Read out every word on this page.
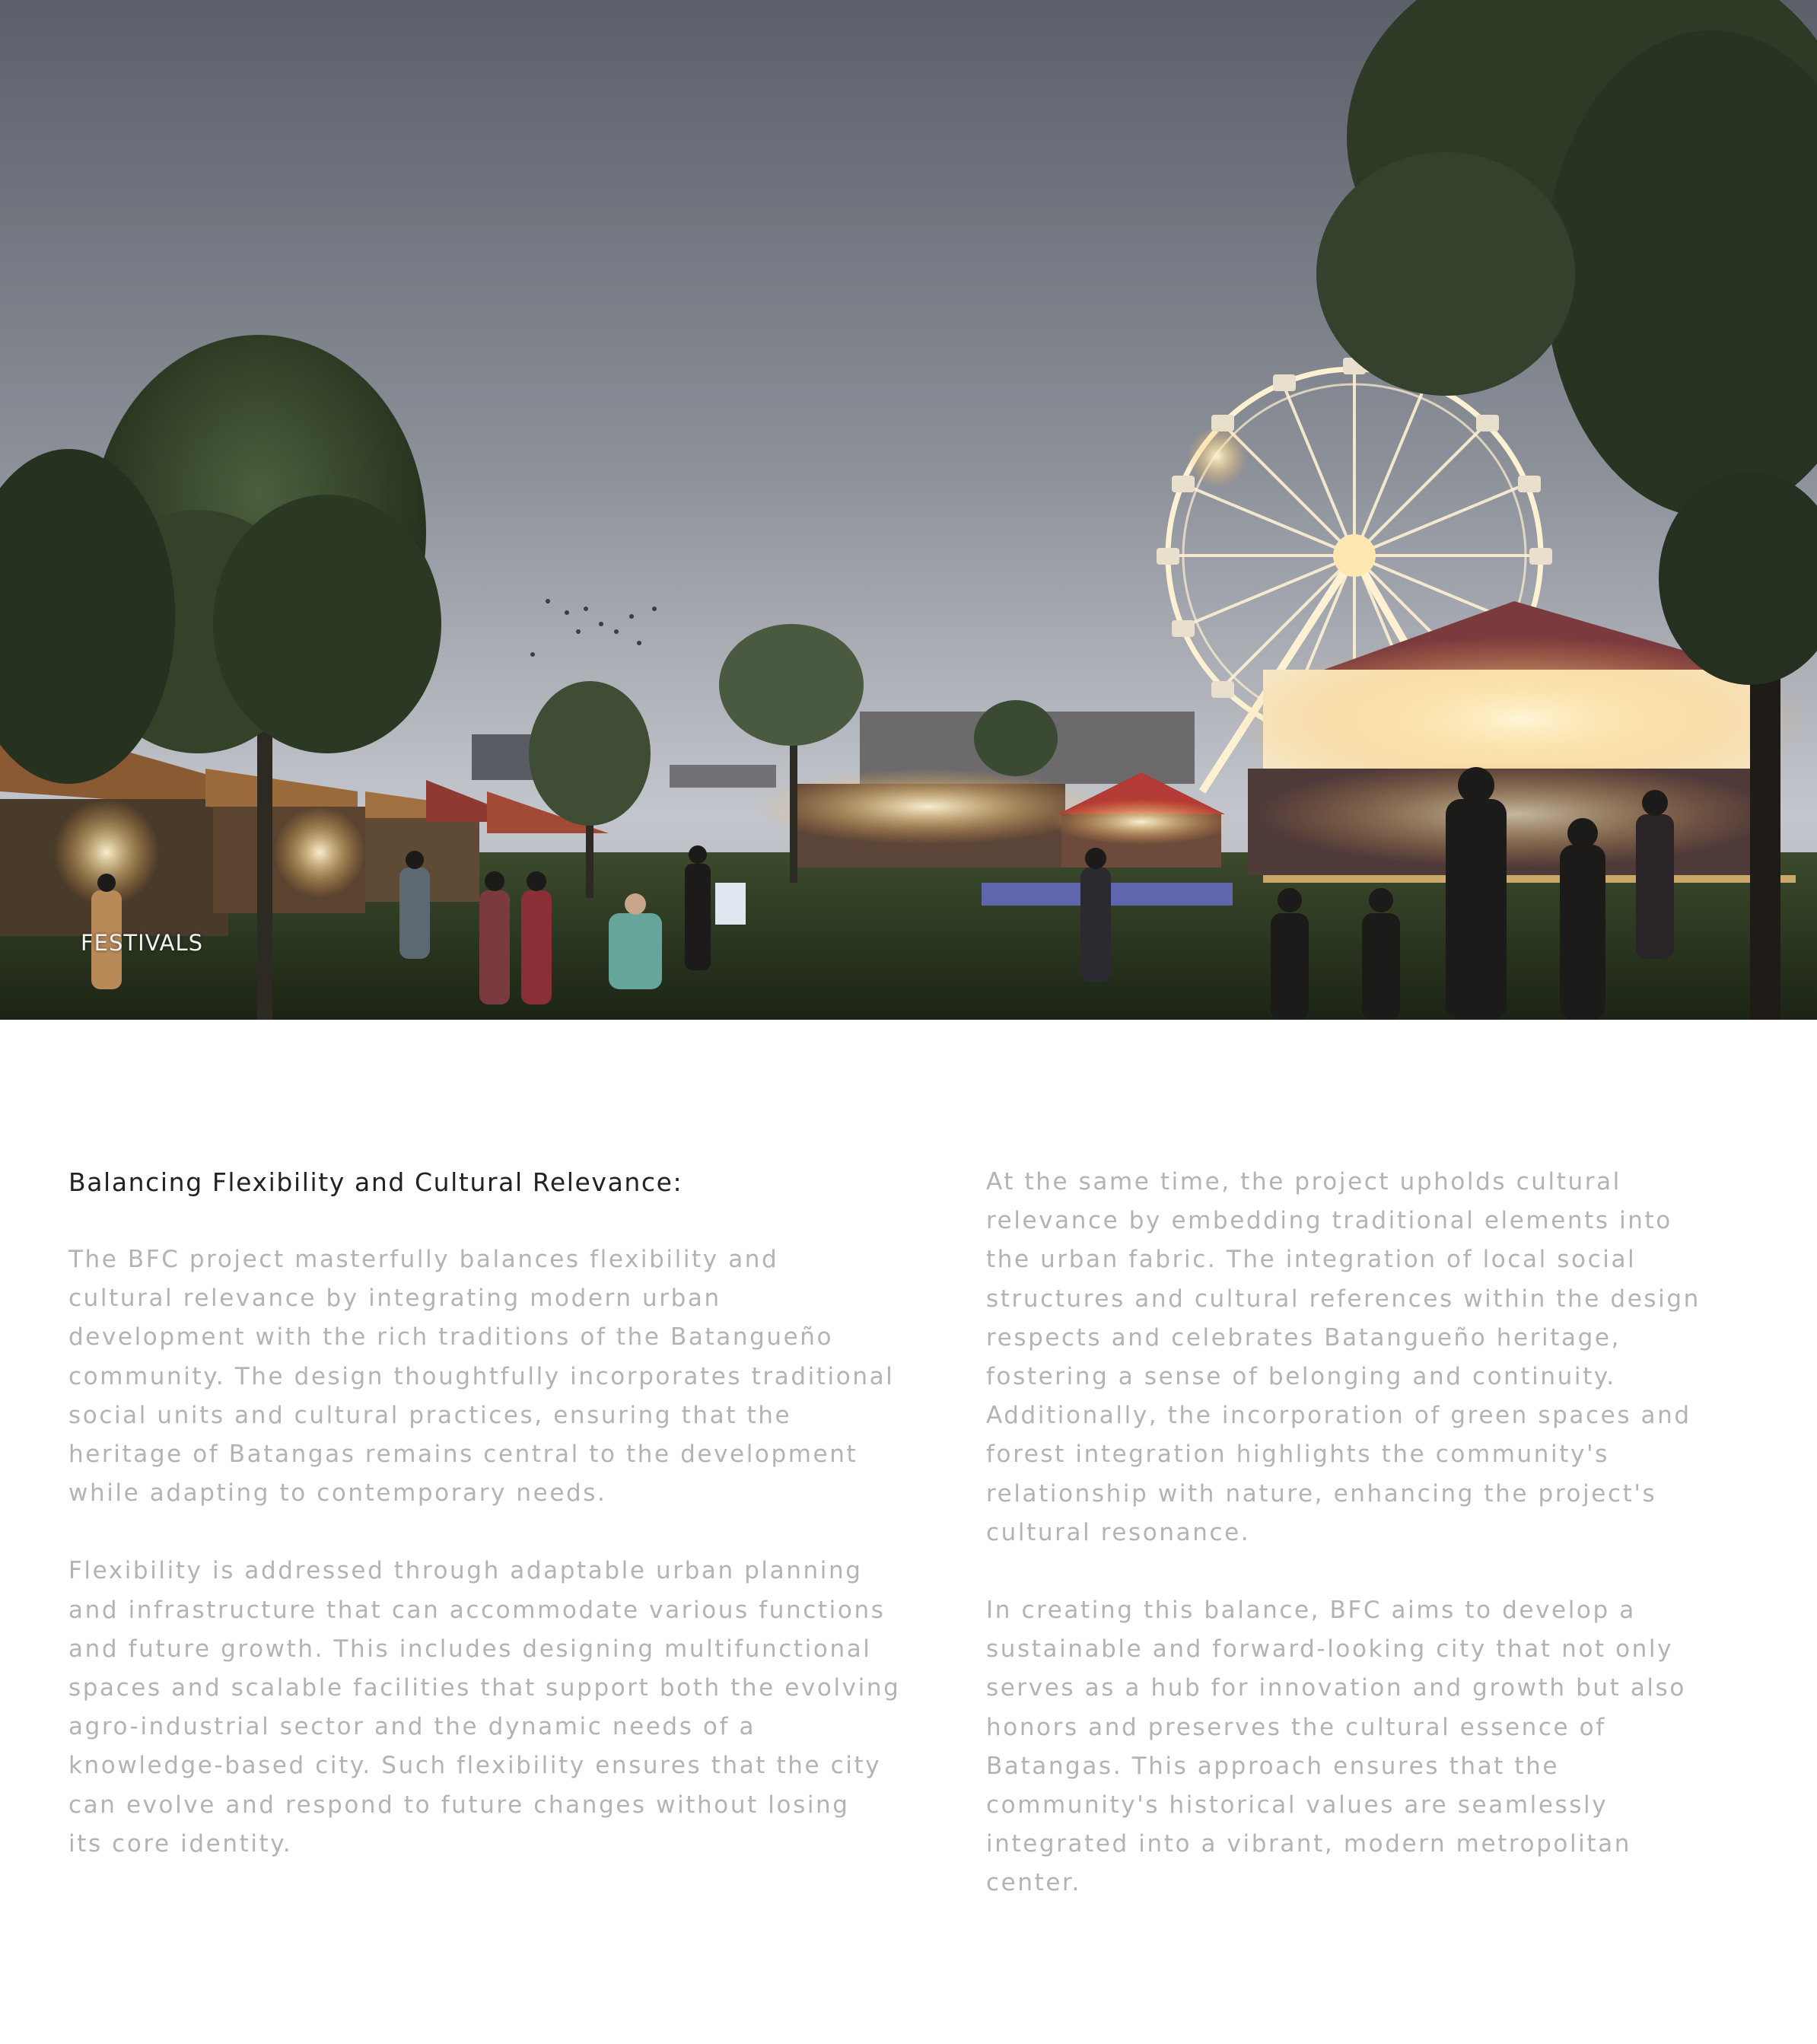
FESTIVALS
Balancing Flexibility and Cultural Relevance:

The BFC project masterfully balances flexibility and
cultural relevance by integrating modern urban
development with the rich traditions of the Batangueño
community. The design thoughtfully incorporates traditional
social units and cultural practices, ensuring that the
heritage of Batangas remains central to the development
while adapting to contemporary needs.

Flexibility is addressed through adaptable urban planning
and infrastructure that can accommodate various functions
and future growth. This includes designing multifunctional
spaces and scalable facilities that support both the evolving
agro-industrial sector and the dynamic needs of a
knowledge-based city. Such flexibility ensures that the city
can evolve and respond to future changes without losing
its core identity.

At the same time, the project upholds cultural
relevance by embedding traditional elements into
the urban fabric. The integration of local social
structures and cultural references within the design
respects and celebrates Batangueño heritage,
fostering a sense of belonging and continuity.
Additionally, the incorporation of green spaces and
forest integration highlights the community's
relationship with nature, enhancing the project's
cultural resonance.

In creating this balance, BFC aims to develop a
sustainable and forward-looking city that not only
serves as a hub for innovation and growth but also
honors and preserves the cultural essence of
Batangas. This approach ensures that the
community's historical values are seamlessly
integrated into a vibrant, modern metropolitan
center.
